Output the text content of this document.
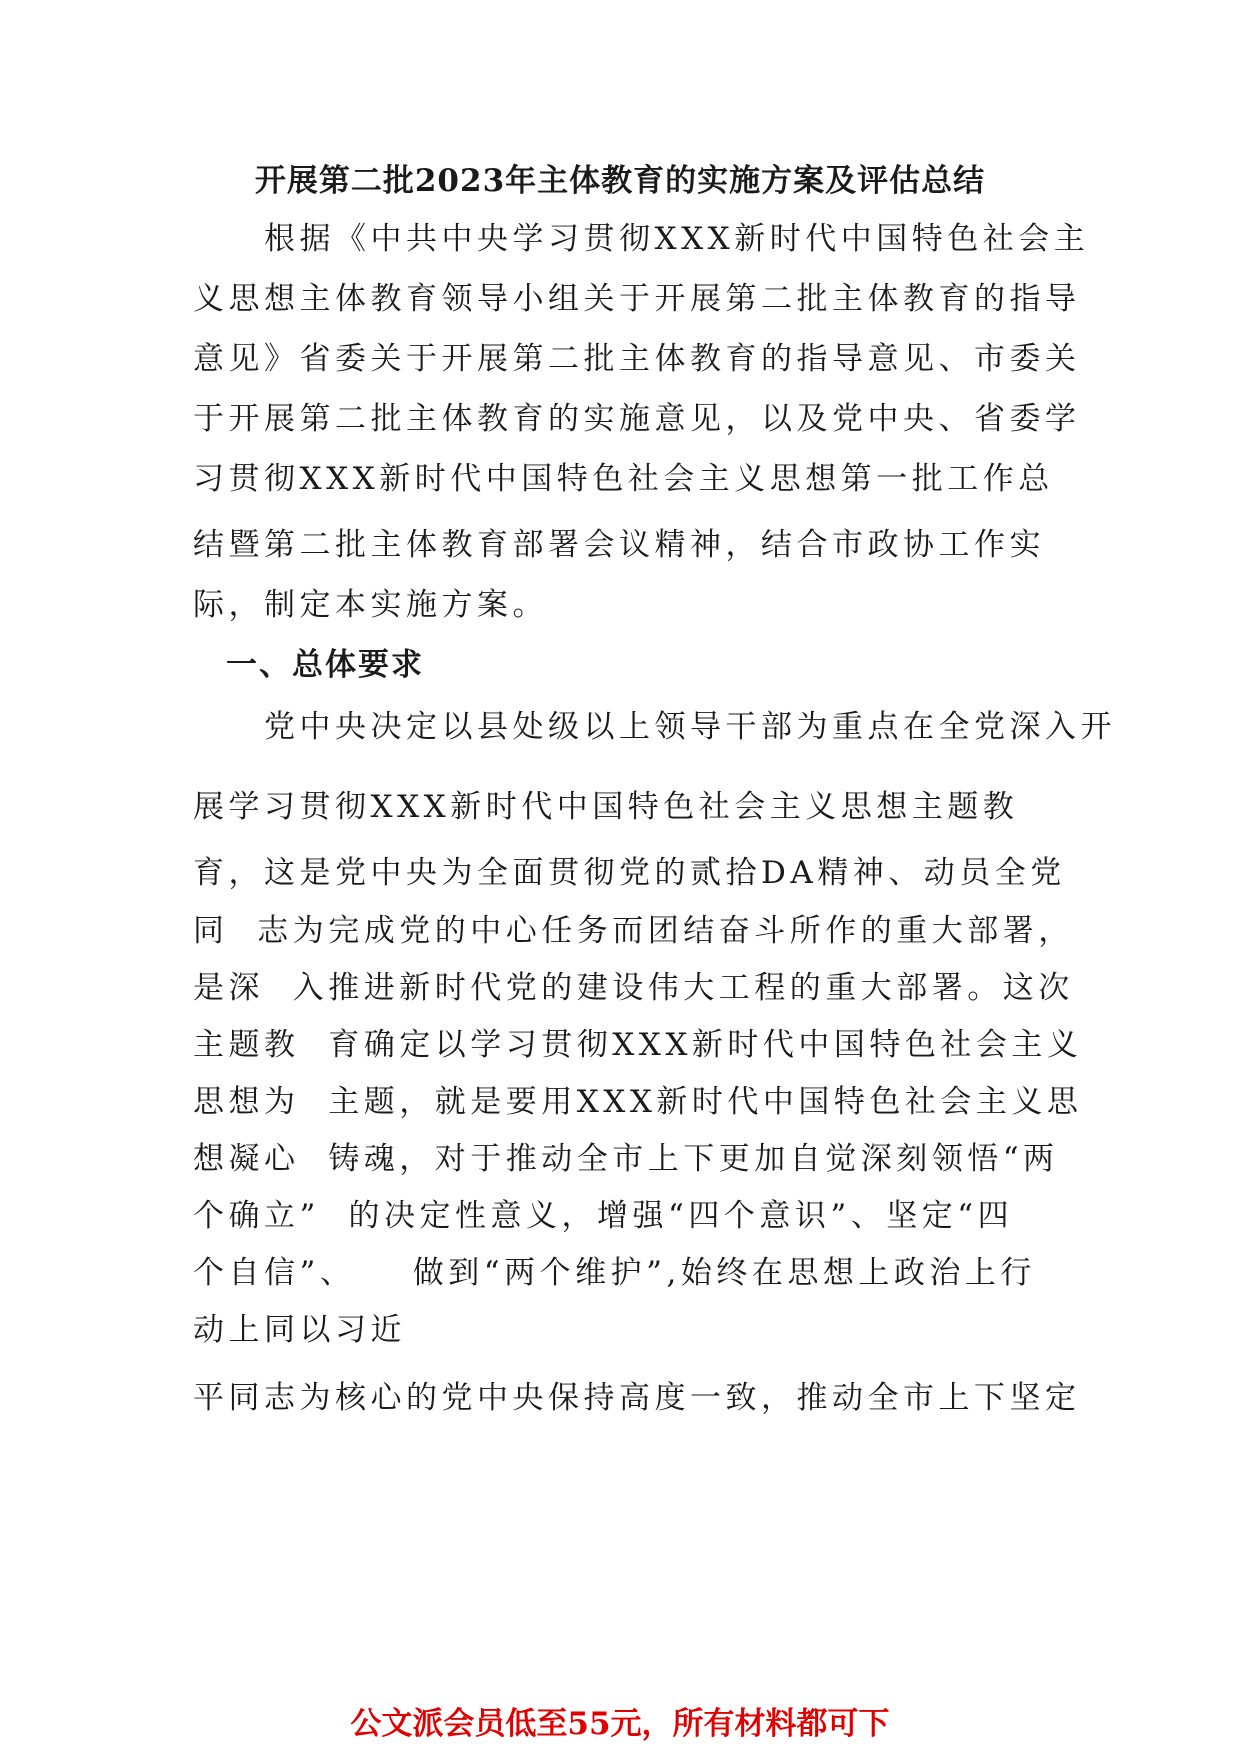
开展第二批2023年主体教育的实施方案及评估总结
　　根据《中共中央学习贯彻XXX新时代中国特色社会主
义思想主体教育领导小组关于开展第二批主体教育的指导
意见》省委关于开展第二批主体教育的指导意见、市委关
于开展第二批主体教育的实施意见，以及党中央、省委学
习贯彻XXX新时代中国特色社会主义思想第一批工作总
结暨第二批主体教育部署会议精神，结合市政协工作实
际，制定本实施方案。
　一、总体要求
　　党中央决定以县处级以上领导干部为重点在全党深入开
展学习贯彻XXX新时代中国特色社会主义思想主题教
育，这是党中央为全面贯彻党的贰拾DA精神、动员全党
同  志为完成党的中心任务而团结奋斗所作的重大部署，
是深  入推进新时代党的建设伟大工程的重大部署。这次
主题教  育确定以学习贯彻XXX新时代中国特色社会主义
思想为  主题，就是要用XXX新时代中国特色社会主义思
想凝心  铸魂，对于推动全市上下更加自觉深刻领悟“两
个确立”  的决定性意义，增强“四个意识”、坚定“四
个自信”、    做到“两个维护”,始终在思想上政治上行
动上同以习近
平同志为核心的党中央保持高度一致，推动全市上下坚定
公文派会员低至55元，所有材料都可下
